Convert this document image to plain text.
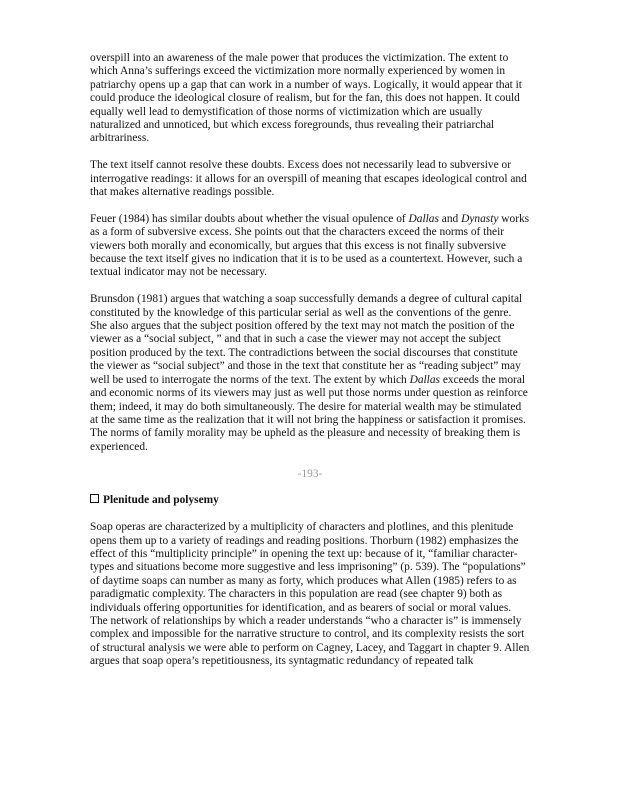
overspill into an awareness of the male power that produces the victimization. The extent to which Anna’s sufferings exceed the victimization more normally experienced by women in patriarchy opens up a gap that can work in a number of ways. Logically, it would appear that it could produce the ideological closure of realism, but for the fan, this does not happen. It could equally well lead to demystification of those norms of victimization which are usually naturalized and unnoticed, but which excess foregrounds, thus revealing their patriarchal arbitrariness.

The text itself cannot resolve these doubts. Excess does not necessarily lead to subversive or interrogative readings: it allows for an overspill of meaning that escapes ideological control and that makes alternative readings possible.

Feuer (1984) has similar doubts about whether the visual opulence of Dallas and Dynasty works as a form of subversive excess. She points out that the characters exceed the norms of their viewers both morally and economically, but argues that this excess is not finally subversive because the text itself gives no indication that it is to be used as a countertext. However, such a textual indicator may not be necessary.

Brunsdon (1981) argues that watching a soap successfully demands a degree of cultural capital constituted by the knowledge of this particular serial as well as the conventions of the genre. She also argues that the subject position offered by the text may not match the position of the viewer as a “social subject, ” and that in such a case the viewer may not accept the subject position produced by the text. The contradictions between the social discourses that constitute the viewer as “social subject” and those in the text that constitute her as “reading subject” may well be used to interrogate the norms of the text. The extent by which Dallas exceeds the moral and economic norms of its viewers may just as well put those norms under question as reinforce them; indeed, it may do both simultaneously. The desire for material wealth may be stimulated at the same time as the realization that it will not bring the happiness or satisfaction it promises. The norms of family morality may be upheld as the pleasure and necessity of breaking them is experienced.

-193-
Plenitude and polysemy

Soap operas are characterized by a multiplicity of characters and plotlines, and this plenitude opens them up to a variety of readings and reading positions. Thorburn (1982) emphasizes the effect of this “multiplicity principle” in opening the text up: because of it, “familiar character-types and situations become more suggestive and less imprisoning” (p. 539). The “populations” of daytime soaps can number as many as forty, which produces what Allen (1985) refers to as paradigmatic complexity. The characters in this population are read (see chapter 9) both as individuals offering opportunities for identification, and as bearers of social or moral values. The network of relationships by which a reader understands “who a character is” is immensely complex and impossible for the narrative structure to control, and its complexity resists the sort of structural analysis we were able to perform on Cagney, Lacey, and Taggart in chapter 9. Allen argues that soap opera’s repetitiousness, its syntagmatic redundancy of repeated talk
